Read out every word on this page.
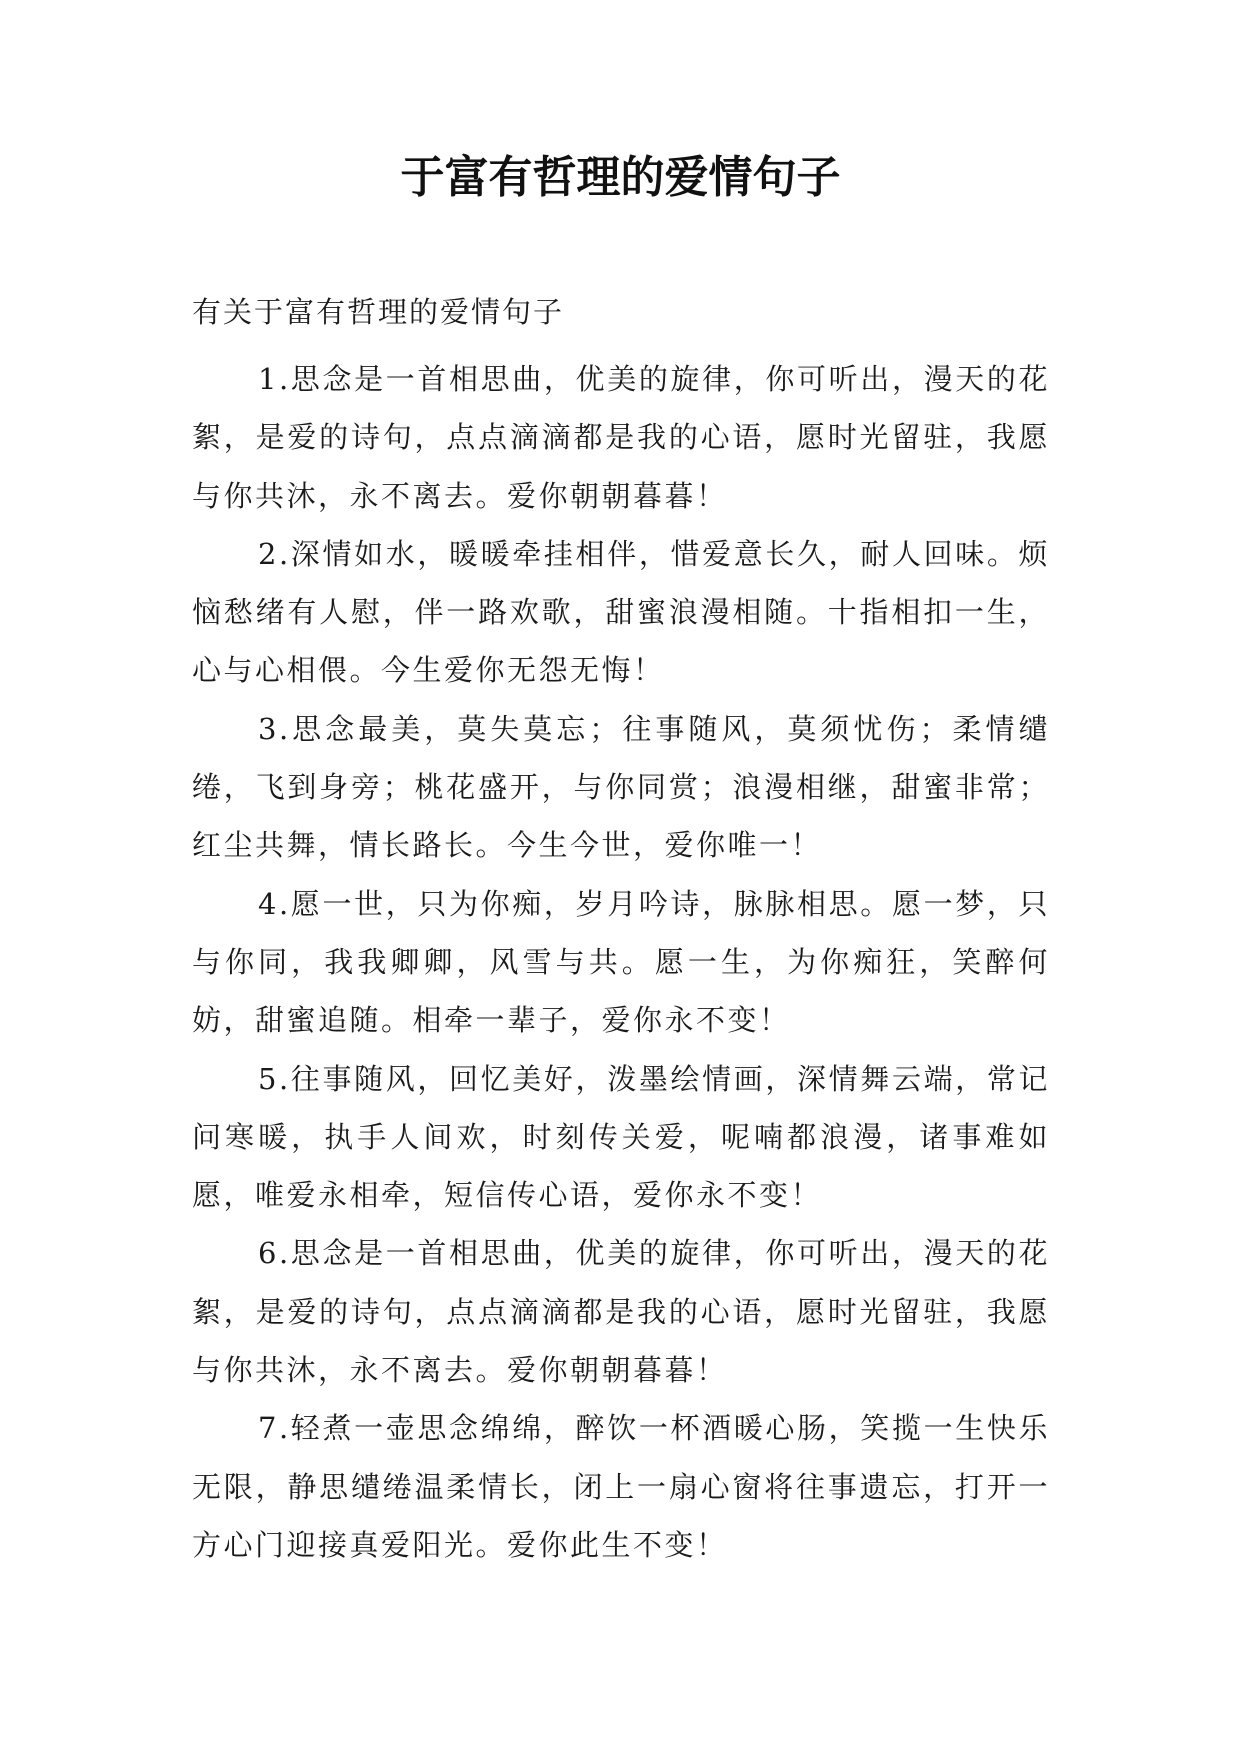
于富有哲理的爱情句子

有关于富有哲理的爱情句子

1.思念是一首相思曲，优美的旋律，你可听出，漫天的花絮，是爱的诗句，点点滴滴都是我的心语，愿时光留驻，我愿与你共沐，永不离去。爱你朝朝暮暮！

2.深情如水，暖暖牵挂相伴，惜爱意长久，耐人回味。烦恼愁绪有人慰，伴一路欢歌，甜蜜浪漫相随。十指相扣一生，心与心相偎。今生爱你无怨无悔！

3.思念最美，莫失莫忘；往事随风，莫须忧伤；柔情缱绻，飞到身旁；桃花盛开，与你同赏；浪漫相继，甜蜜非常；红尘共舞，情长路长。今生今世，爱你唯一！

4.愿一世，只为你痴，岁月吟诗，脉脉相思。愿一梦，只与你同，我我卿卿，风雪与共。愿一生，为你痴狂，笑醉何妨，甜蜜追随。相牵一辈子，爱你永不变！

5.往事随风，回忆美好，泼墨绘情画，深情舞云端，常记问寒暖，执手人间欢，时刻传关爱，呢喃都浪漫，诸事难如愿，唯爱永相牵，短信传心语，爱你永不变！

6.思念是一首相思曲，优美的旋律，你可听出，漫天的花絮，是爱的诗句，点点滴滴都是我的心语，愿时光留驻，我愿与你共沐，永不离去。爱你朝朝暮暮！

7.轻煮一壶思念绵绵，醉饮一杯酒暖心肠，笑揽一生快乐无限，静思缱绻温柔情长，闭上一扇心窗将往事遗忘，打开一方心门迎接真爱阳光。爱你此生不变！
